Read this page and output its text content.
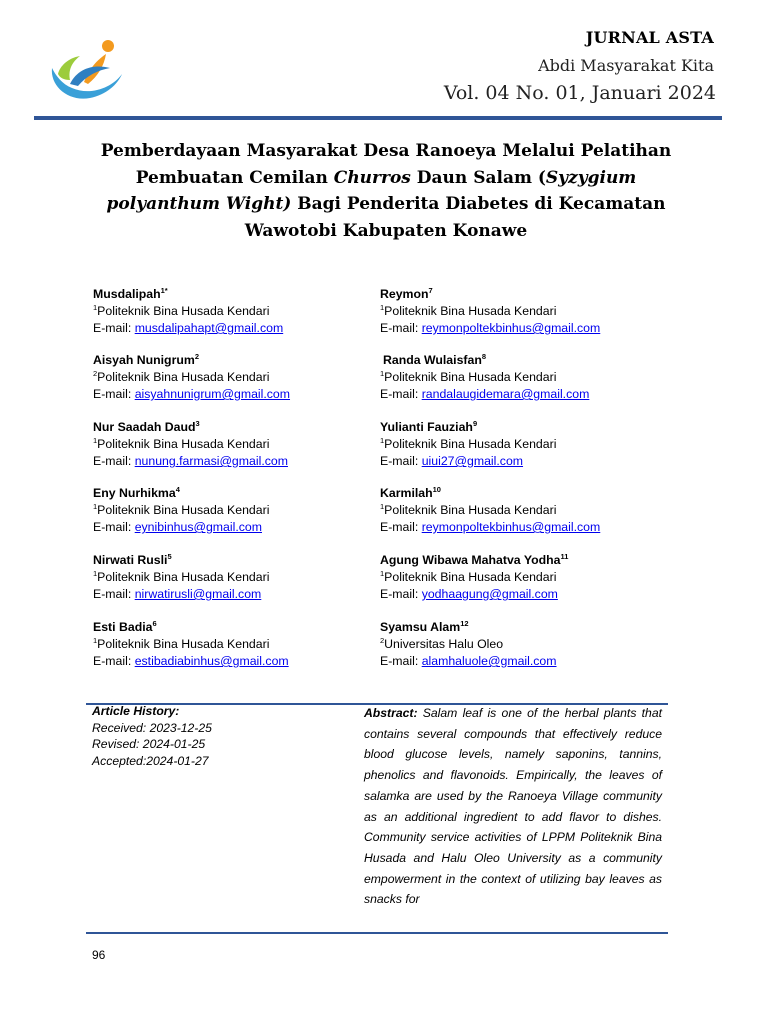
JURNAL ASTA
Abdi Masyarakat Kita
Vol. 04 No. 01, Januari 2024
Pemberdayaan Masyarakat Desa Ranoeya Melalui Pelatihan
Pembuatan Cemilan Churros Daun Salam (Syzygium
polyanthum Wight) Bagi Penderita Diabetes di Kecamatan
Wawotobi Kabupaten Konawe
Musdalipah$^{1*}$
$^1$Politeknik Bina Husada Kendari
E-mail: musdalipahapt@gmail.com
Aisyah Nunigrum$^2$
$^2$Politeknik Bina Husada Kendari
E-mail: aisyahnunigrum@gmail.com
Nur Saadah Daud$^3$
$^1$Politeknik Bina Husada Kendari
E-mail: nunung.farmasi@gmail.com
Eny Nurhikma$^4$
$^1$Politeknik Bina Husada Kendari
E-mail: eynibinhus@gmail.com
Nirwati Rusli$^5$
$^1$Politeknik Bina Husada Kendari
E-mail: nirwatirusli@gmail.com
Esti Badia$^6$
$^1$Politeknik Bina Husada Kendari
E-mail: estibadiabinhus@gmail.com
Reymon$^7$
$^1$Politeknik Bina Husada Kendari
E-mail: reymonpoltekbinhus@gmail.com
Randa Wulaisfan$^8$
$^1$Politeknik Bina Husada Kendari
E-mail: randalaugidemara@gmail.com
Yulianti Fauziah$^9$
$^1$Politeknik Bina Husada Kendari
E-mail: uiui27@gmail.com
Karmilah$^{10}$
$^1$Politeknik Bina Husada Kendari
E-mail: reymonpoltekbinhus@gmail.com
Agung Wibawa Mahatva Yodha$^{11}$
$^1$Politeknik Bina Husada Kendari
E-mail: yodhaagung@gmail.com
Syamsu Alam$^{12}$
$^2$Universitas Halu Oleo
E-mail: alamhaluole@gmail.com
Article History:
Received: 2023-12-25
Revised: 2024-01-25
Accepted:2024-01-27
Abstract: Salam leaf is one of the herbal plants that contains several compounds that effectively reduce blood glucose levels, namely saponins, tannins, phenolics and flavonoids. Empirically, the leaves of salamka are used by the Ranoeya Village community as an additional ingredient to add flavor to dishes. Community service activities of LPPM Politeknik Bina Husada and Halu Oleo University as a community empowerment in the context of utilizing bay leaves as snacks for
96
